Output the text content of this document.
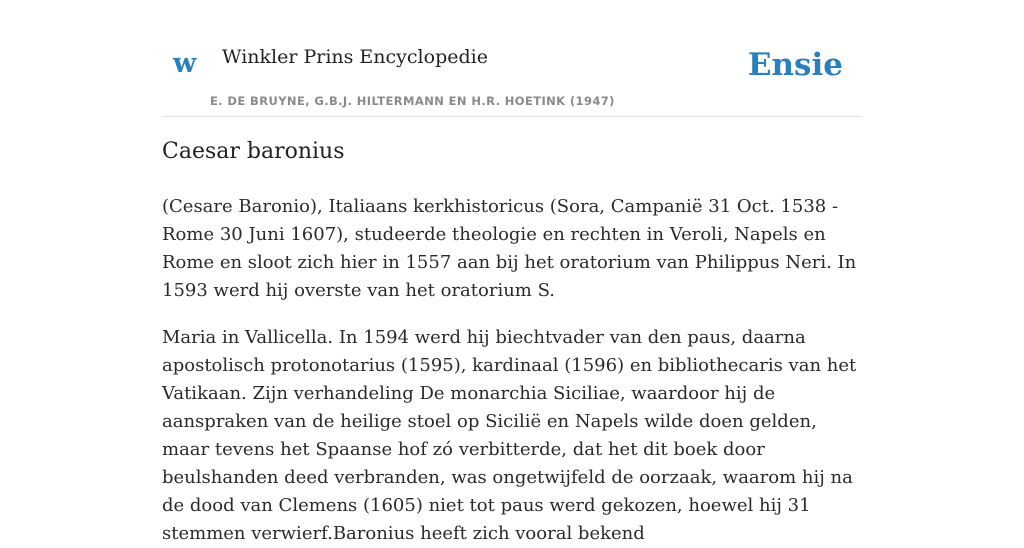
w Winkler Prins Encyclopedie
E. DE BRUYNE, G.B.J. HILTERMANN EN H.R. HOETINK (1947)
Ensie
Caesar baronius

(Cesare Baronio), Italiaans kerkhistoricus (Sora, Campanië 31 Oct. 1538 - Rome 30 Juni 1607), studeerde theologie en rechten in Veroli, Napels en Rome en sloot zich hier in 1557 aan bij het oratorium van Philippus Neri. In 1593 werd hij overste van het oratorium S.

Maria in Vallicella. In 1594 werd hij biechtvader van den paus, daarna apostolisch protonotarius (1595), kardinaal (1596) en bibliothecaris van het Vatikaan. Zijn verhandeling De monarchia Siciliae, waardoor hij de aanspraken van de heilige stoel op Sicilië en Napels wilde doen gelden, maar tevens het Spaanse hof zó verbitterde, dat het dit boek door beulshanden deed verbranden, was ongetwijfeld de oorzaak, waarom hij na de dood van Clemens (1605) niet tot paus werd gekozen, hoewel hij 31 stemmen verwierf.Baronius heeft zich vooral bekend
